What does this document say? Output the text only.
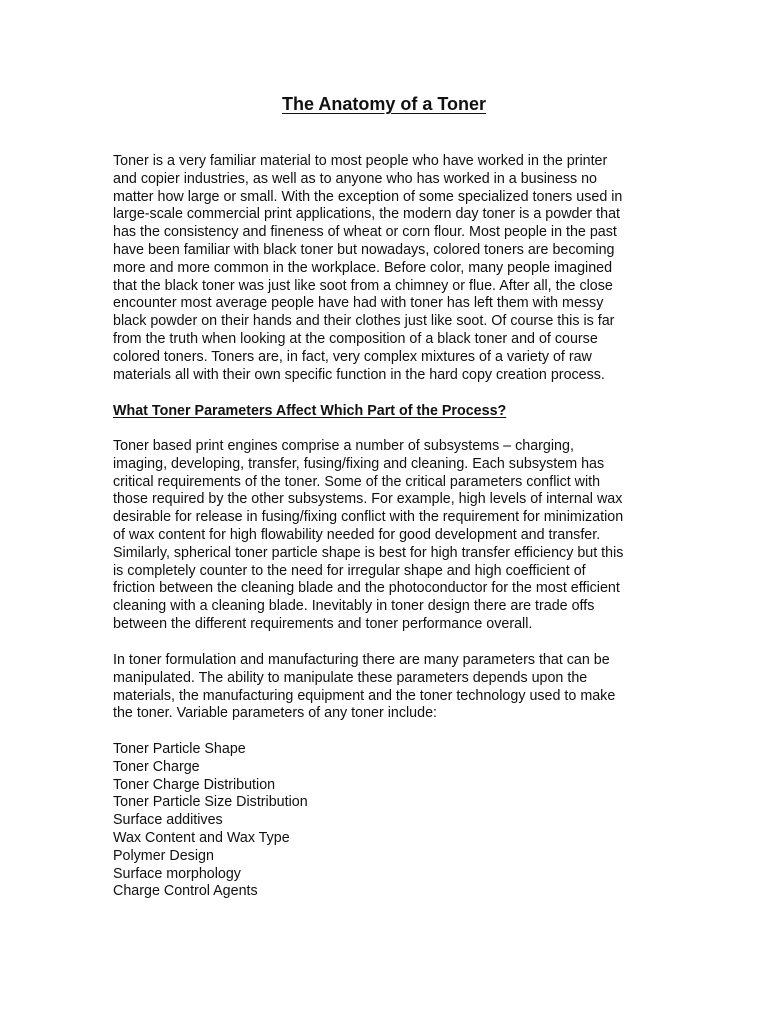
The Anatomy of a Toner
Toner is a very familiar material to most people who have worked in the printer
and copier industries, as well as to anyone who has worked in a business no
matter how large or small. With the exception of some specialized toners used in
large-scale commercial print applications, the modern day toner is a powder that
has the consistency and fineness of wheat or corn flour. Most people in the past
have been familiar with black toner but nowadays, colored toners are becoming
more and more common in the workplace. Before color, many people imagined
that the black toner was just like soot from a chimney or flue. After all, the close
encounter most average people have had with toner has left them with messy
black powder on their hands and their clothes just like soot. Of course this is far
from the truth when looking at the composition of a black toner and of course
colored toners. Toners are, in fact, very complex mixtures of a variety of raw
materials all with their own specific function in the hard copy creation process.
What Toner Parameters Affect Which Part of the Process?
Toner based print engines comprise a number of subsystems – charging,
imaging, developing, transfer, fusing/fixing and cleaning. Each subsystem has
critical requirements of the toner. Some of the critical parameters conflict with
those required by the other subsystems. For example, high levels of internal wax
desirable for release in fusing/fixing conflict with the requirement for minimization
of wax content for high flowability needed for good development and transfer.
Similarly, spherical toner particle shape is best for high transfer efficiency but this
is completely counter to the need for irregular shape and high coefficient of
friction between the cleaning blade and the photoconductor for the most efficient
cleaning with a cleaning blade. Inevitably in toner design there are trade offs
between the different requirements and toner performance overall.
In toner formulation and manufacturing there are many parameters that can be
manipulated. The ability to manipulate these parameters depends upon the
materials, the manufacturing equipment and the toner technology used to make
the toner. Variable parameters of any toner include:
Toner Particle Shape
Toner Charge
Toner Charge Distribution
Toner Particle Size Distribution
Surface additives
Wax Content and Wax Type
Polymer Design
Surface morphology
Charge Control Agents
